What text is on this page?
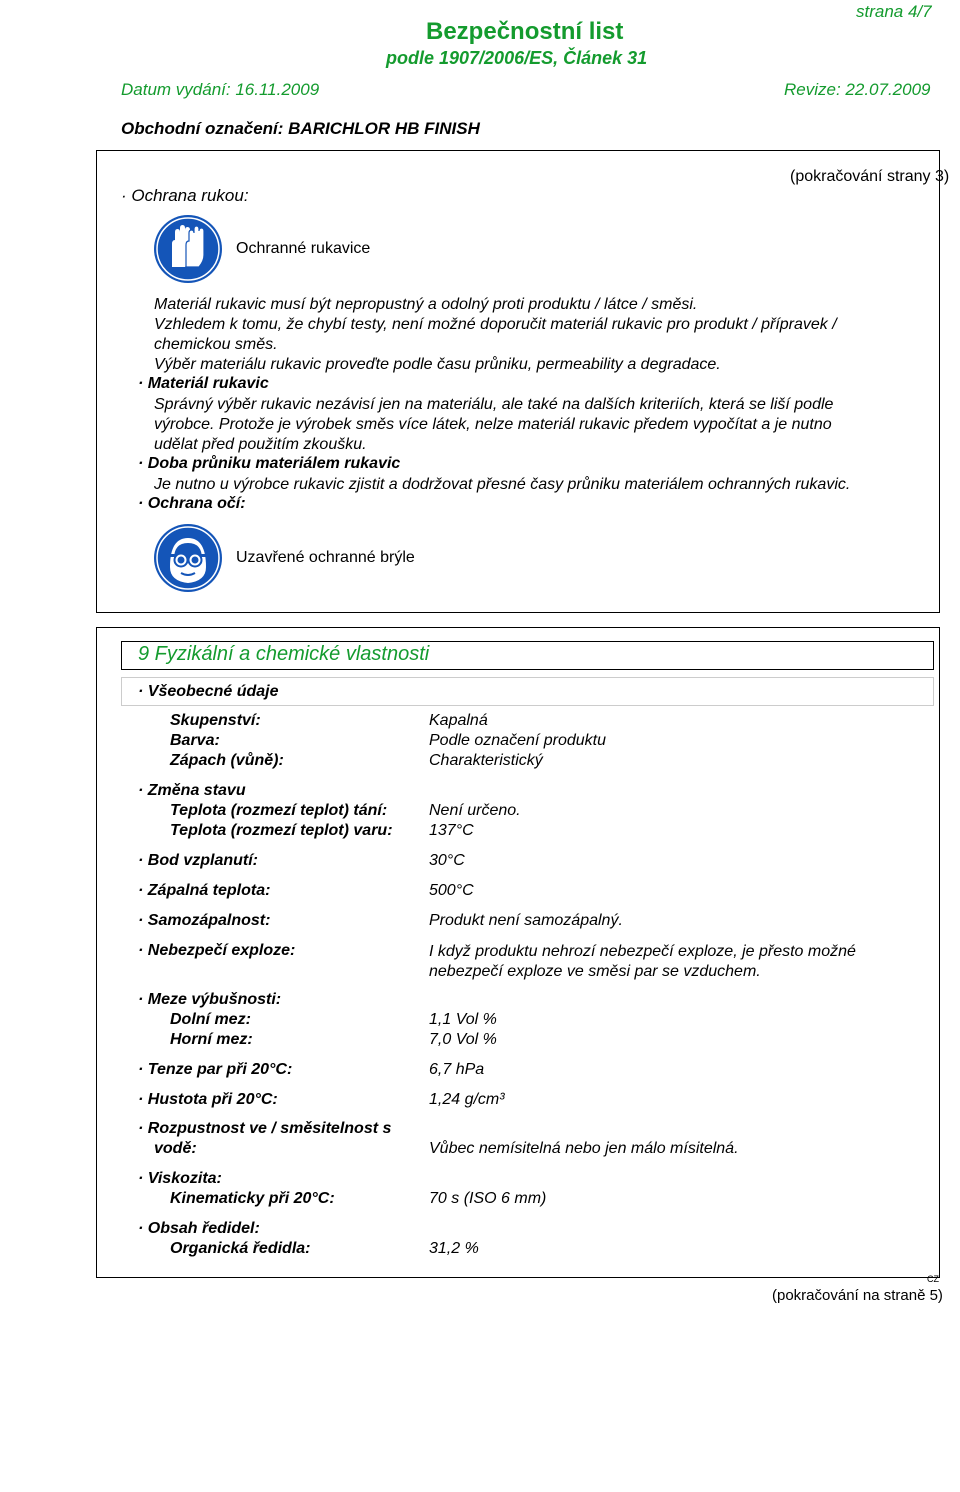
strana 4/7
Bezpečnostní list
podle 1907/2006/ES, Článek 31
Datum vydání: 16.11.2009	Revize: 22.07.2009
Obchodní označení: BARICHLOR HB FINISH
(pokračování strany 3)
· Ochrana rukou:
Ochranné rukavice
Materiál rukavic musí být nepropustný a odolný proti produktu / látce / směsi.
Vzhledem k tomu, že chybí testy, není možné doporučit materiál rukavic pro produkt / přípravek /
chemickou směs.
Výběr materiálu rukavic proveďte podle času průniku, permeability a degradace.
· Materiál rukavic
Správný výběr rukavic nezávisí jen na materiálu, ale také na dalších kriteriích, která se liší podle
výrobce. Protože je výrobek směs více látek, nelze materiál rukavic předem vypočítat a je nutno
udělat před použitím zkoušku.
· Doba průniku materiálem rukavic
Je nutno u výrobce rukavic zjistit a dodržovat přesné časy průniku materiálem ochranných rukavic.
· Ochrana očí:
Uzavřené ochranné brýle
9 Fyzikální a chemické vlastnosti
· Všeobecné údaje
Skupenství:	Kapalná
Barva:	Podle označení produktu
Zápach (vůně):	Charakteristický
· Změna stavu
Teplota (rozmezí teplot) tání:	Není určeno.
Teplota (rozmezí teplot) varu: 137°C
· Bod vzplanutí:	30°C
· Zápalná teplota:	500°C
· Samozápalnost:	Produkt není samozápalný.
· Nebezpečí exploze:	I když produktu nehrozí nebezpečí exploze, je přesto možné
nebezpečí exploze ve směsi par se vzduchem.
· Meze výbušnosti:
Dolní mez:	1,1 Vol %
Horní mez:	7,0 Vol %
· Tenze par při 20°C:	6,7 hPa
· Hustota při 20°C:	1,24 g/cm³
· Rozpustnost ve / směsitelnost s
vodě:	Vůbec nemísitelná nebo jen málo mísitelná.
· Viskozita:
Kinematicky při 20°C:	70 s (ISO 6 mm)
· Obsah ředidel:
Organická ředidla:	31,2 %
CZ
(pokračování na straně 5)
